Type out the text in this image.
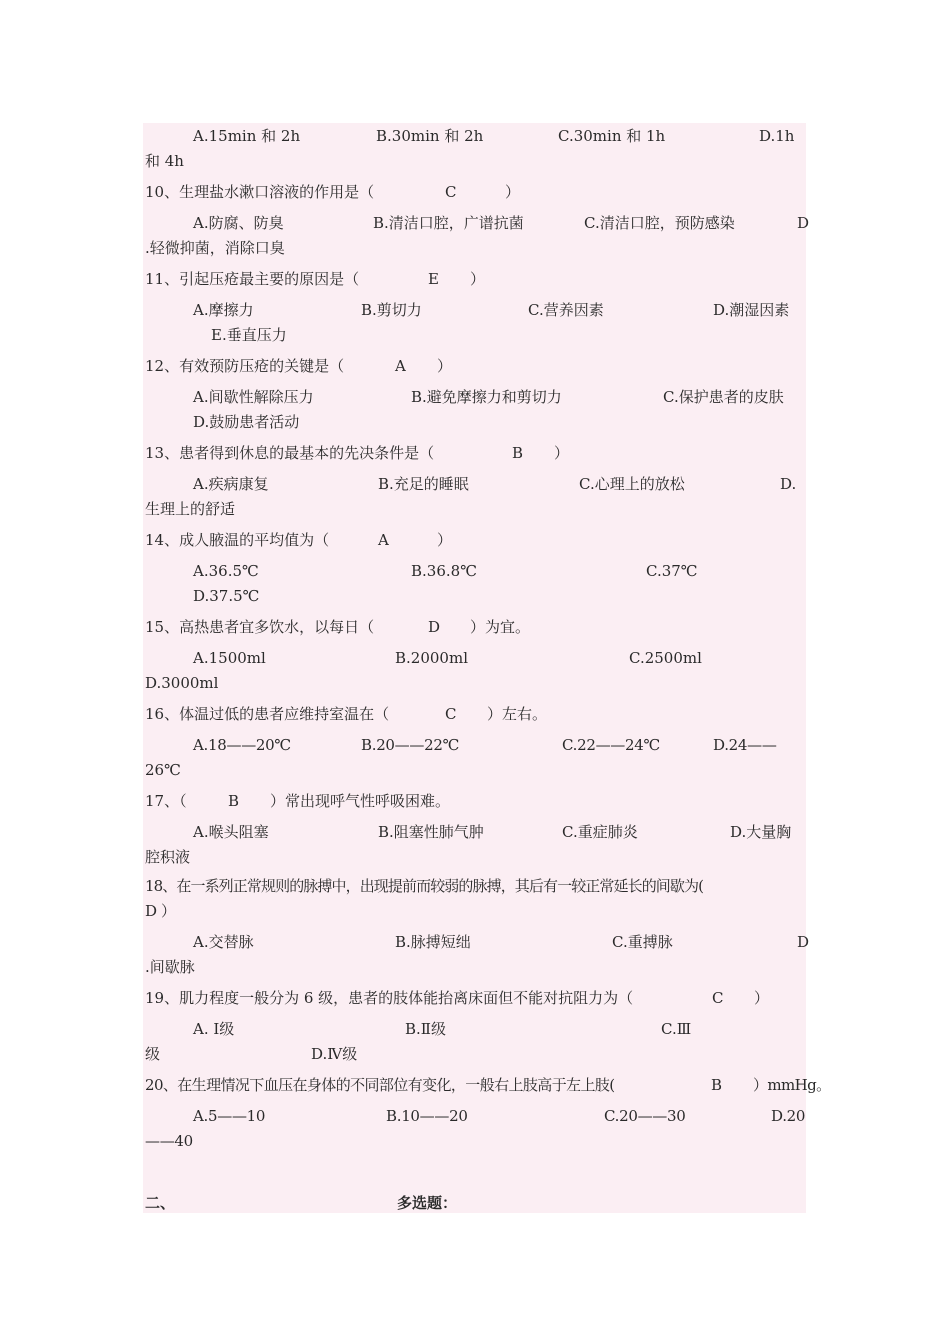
A.15min 和 2h	B.30min 和 2h	C.30min 和 1h	D.1h
和 4h
10、生理盐水漱口溶液的作用是（	C	）
A.防腐、防臭	B.清洁口腔，广谱抗菌	C.清洁口腔，预防感染	D
.轻微抑菌，消除口臭
11、引起压疮最主要的原因是（	E ）
A.摩擦力	B.剪切力	C.营养因素	D.潮湿因素
E.垂直压力
12、有效预防压疮的关键是（	A ）
A.间歇性解除压力	B.避免摩擦力和剪切力	C.保护患者的皮肤
D.鼓励患者活动
13、患者得到休息的最基本的先决条件是（	B ）
A.疾病康复	B.充足的睡眠	C.心理上的放松	D.
生理上的舒适
14、成人腋温的平均值为（	A	）
A.36.5℃	B.36.8℃	C.37℃
D.37.5℃
15、高热患者宜多饮水，以每日（	D ）为宜。
A.1500ml	B.2000ml	C.2500ml
D.3000ml
16、体温过低的患者应维持室温在（	C ）左右。
A.18——20℃	B.20——22℃	C.22——24℃	D.24——
26℃
17、（	B ）常出现呼气性呼吸困难。
A.喉头阻塞	B.阻塞性肺气肿	C.重症肺炎	D.大量胸
腔积液
18、在一系列正常规则的脉搏中，出现提前而较弱的脉搏，其后有一较正常延长的间歇为(
D ）
A.交替脉	B.脉搏短绌	C.重搏脉	D
.间歇脉
19、肌力程度一般分为 6 级，患者的肢体能抬离床面但不能对抗阻力为（	C ）
A. Ⅰ级	B.Ⅱ级	C.Ⅲ
级	D.Ⅳ级
20、在生理情况下血压在身体的不同部位有变化，一般右上肢高于左上肢(	B ）mmHg。
A.5——10	B.10——20	C.20——30	D.20
——40
二、	多选题：
